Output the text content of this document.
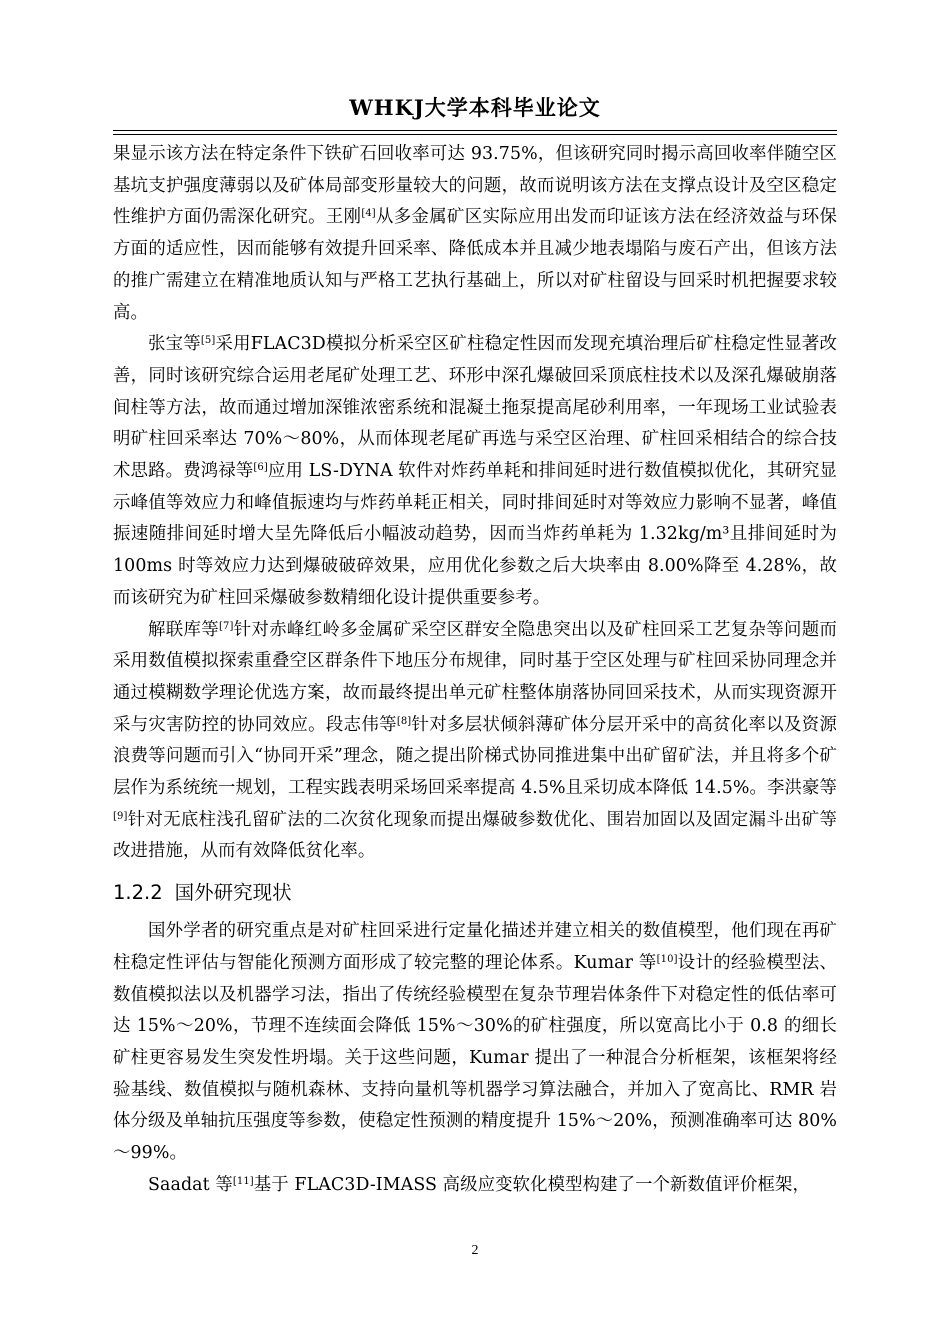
WHKJ大学本科毕业论文

果显示该方法在特定条件下铁矿石回收率可达 93.75%，但该研究同时揭示高回收率伴随空区基坑支护强度薄弱以及矿体局部变形量较大的问题，故而说明该方法在支撑点设计及空区稳定性维护方面仍需深化研究。王刚[4]从多金属矿区实际应用出发而印证该方法在经济效益与环保方面的适应性，因而能够有效提升回采率、降低成本并且减少地表塌陷与废石产出，但该方法的推广需建立在精准地质认知与严格工艺执行基础上，所以对矿柱留设与回采时机把握要求较高。

张宝等[5]采用FLAC3D模拟分析采空区矿柱稳定性因而发现充填治理后矿柱稳定性显著改善，同时该研究综合运用老尾矿处理工艺、环形中深孔爆破回采顶底柱技术以及深孔爆破崩落间柱等方法，故而通过增加深锥浓密系统和混凝土拖泵提高尾砂利用率，一年现场工业试验表明矿柱回采率达 70%～80%，从而体现老尾矿再选与采空区治理、矿柱回采相结合的综合技术思路。费鸿禄等[6]应用 LS-DYNA 软件对炸药单耗和排间延时进行数值模拟优化，其研究显示峰值等效应力和峰值振速均与炸药单耗正相关，同时排间延时对等效应力影响不显著，峰值振速随排间延时增大呈先降低后小幅波动趋势，因而当炸药单耗为 1.32kg/m³且排间延时为 100ms 时等效应力达到爆破破碎效果，应用优化参数之后大块率由 8.00%降至 4.28%，故而该研究为矿柱回采爆破参数精细化设计提供重要参考。

解联库等[7]针对赤峰红岭多金属矿采空区群安全隐患突出以及矿柱回采工艺复杂等问题而采用数值模拟探索重叠空区群条件下地压分布规律，同时基于空区处理与矿柱回采协同理念并通过模糊数学理论优选方案，故而最终提出单元矿柱整体崩落协同回采技术，从而实现资源开采与灾害防控的协同效应。段志伟等[8]针对多层状倾斜薄矿体分层开采中的高贫化率以及资源浪费等问题而引入“协同开采”理念，随之提出阶梯式协同推进集中出矿留矿法，并且将多个矿层作为系统统一规划，工程实践表明采场回采率提高 4.5%且采切成本降低 14.5%。李洪豪等[9]针对无底柱浅孔留矿法的二次贫化现象而提出爆破参数优化、围岩加固以及固定漏斗出矿等改进措施，从而有效降低贫化率。

1.2.2 国外研究现状

国外学者的研究重点是对矿柱回采进行定量化描述并建立相关的数值模型，他们现在再矿柱稳定性评估与智能化预测方面形成了较完整的理论体系。Kumar 等[10]设计的经验模型法、数值模拟法以及机器学习法，指出了传统经验模型在复杂节理岩体条件下对稳定性的低估率可达 15%～20%，节理不连续面会降低 15%～30%的矿柱强度，所以宽高比小于 0.8 的细长矿柱更容易发生突发性坍塌。关于这些问题，Kumar 提出了一种混合分析框架，该框架将经验基线、数值模拟与随机森林、支持向量机等机器学习算法融合，并加入了宽高比、RMR 岩体分级及单轴抗压强度等参数，使稳定性预测的精度提升 15%～20%，预测准确率可达 80%～99%。

Saadat 等[11]基于 FLAC3D-IMASS 高级应变软化模型构建了一个新数值评价框架，

2
